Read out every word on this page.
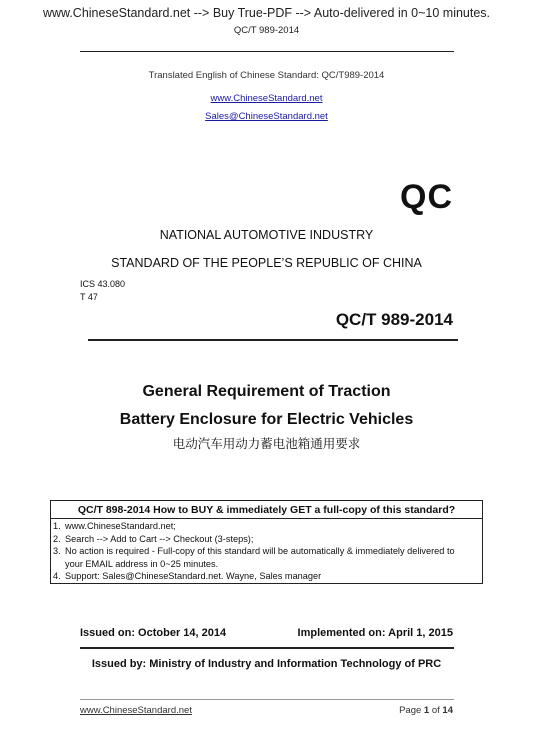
www.ChineseStandard.net --> Buy True-PDF --> Auto-delivered in 0~10 minutes.
QC/T 989-2014
Translated English of Chinese Standard: QC/T989-2014
www.ChineseStandard.net
Sales@ChineseStandard.net
QC
NATIONAL AUTOMOTIVE INDUSTRY
STANDARD OF THE PEOPLE’S REPUBLIC OF CHINA
ICS 43.080
T 47
QC/T 989-2014
General Requirement of Traction
Battery Enclosure for Electric Vehicles
电动汽车用动力蓄电池箱通用要求
QC/T 898-2014 How to BUY & immediately GET a full-copy of this standard?
1. www.ChineseStandard.net;
2. Search --> Add to Cart --> Checkout (3-steps);
3. No action is required - Full-copy of this standard will be automatically & immediately delivered to
your EMAIL address in 0~25 minutes.
4. Support: Sales@ChineseStandard.net. Wayne, Sales manager
Issued on: October 14, 2014	Implemented on: April 1, 2015
Issued by: Ministry of Industry and Information Technology of PRC
www.ChineseStandard.net	Page 1 of 14
